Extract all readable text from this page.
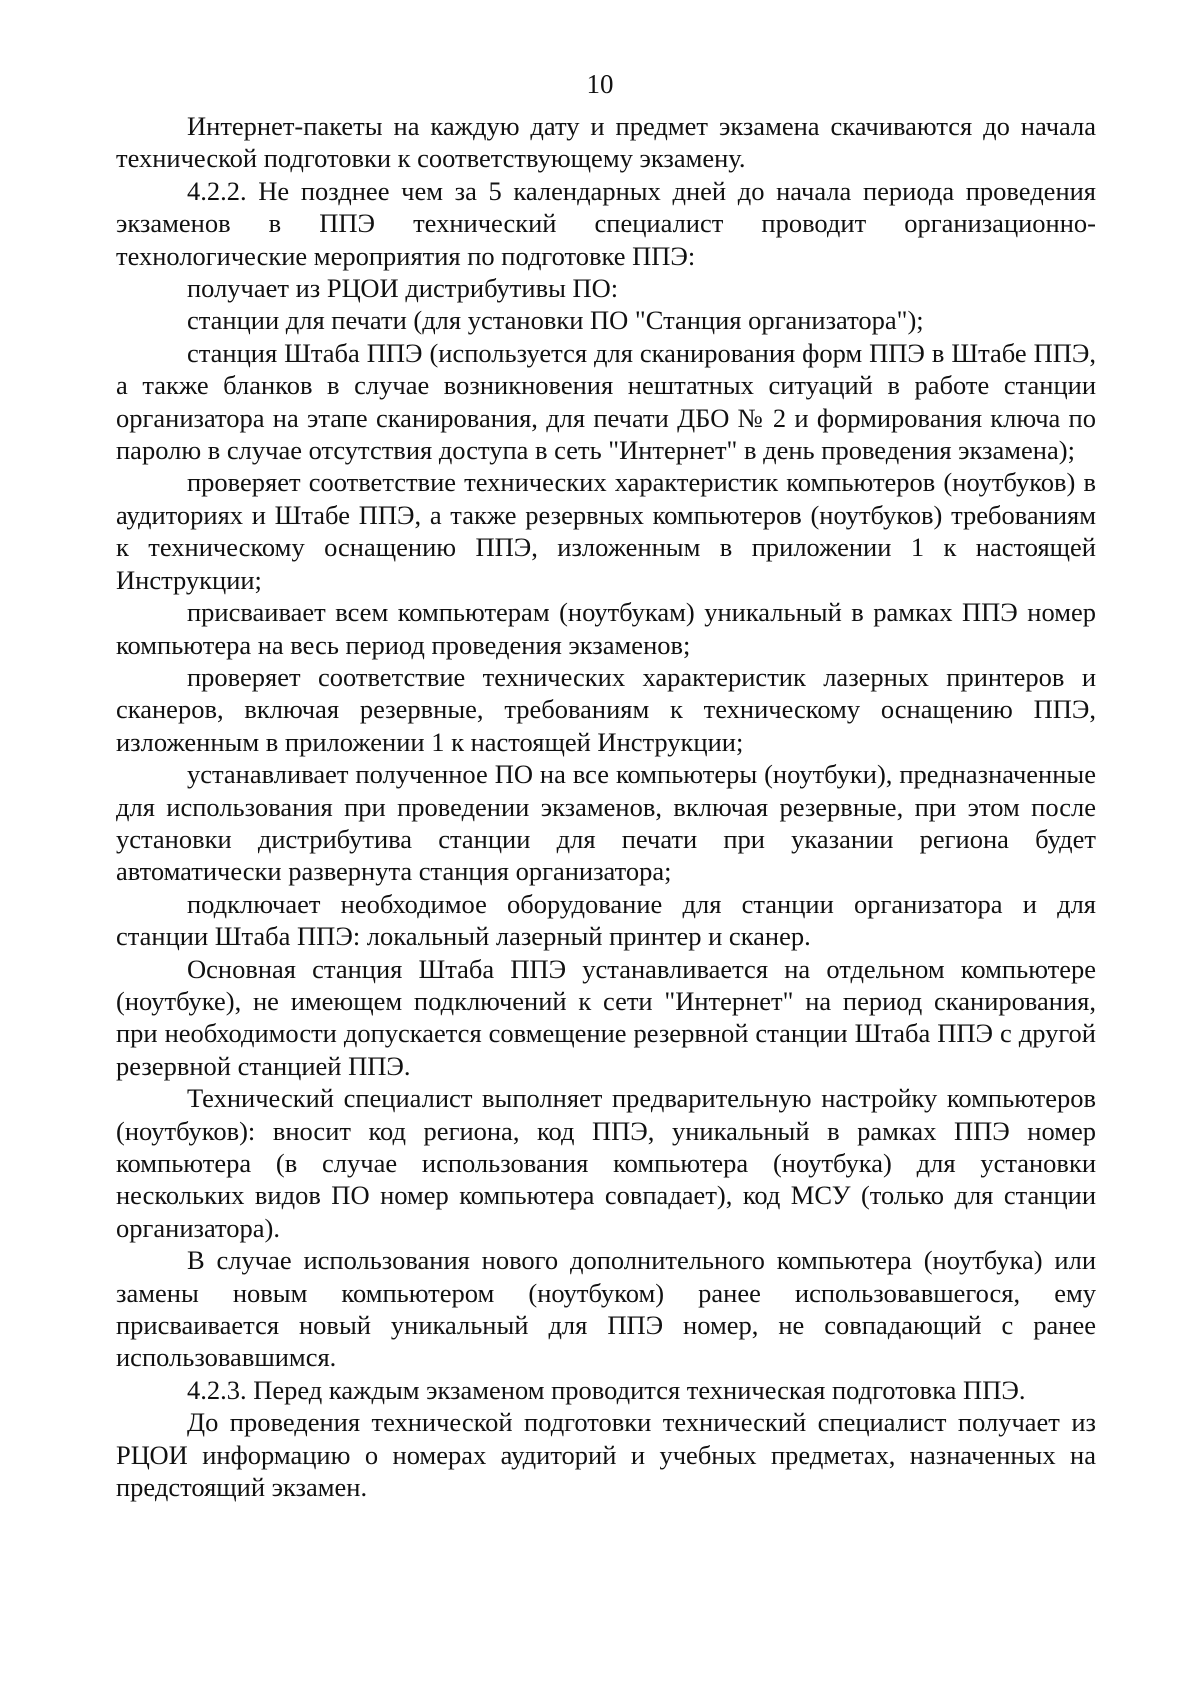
10

Интернет-пакеты на каждую дату и предмет экзамена скачиваются до начала технической подготовки к соответствующему экзамену.

4.2.2. Не позднее чем за 5 календарных дней до начала периода проведения экзаменов в ППЭ технический специалист проводит организационно-технологические мероприятия по подготовке ППЭ:

получает из РЦОИ дистрибутивы ПО:

станции для печати (для установки ПО "Станция организатора");

станция Штаба ППЭ (используется для сканирования форм ППЭ в Штабе ППЭ, а также бланков в случае возникновения нештатных ситуаций в работе станции организатора на этапе сканирования, для печати ДБО № 2 и формирования ключа по паролю в случае отсутствия доступа в сеть "Интернет" в день проведения экзамена);

проверяет соответствие технических характеристик компьютеров (ноутбуков) в аудиториях и Штабе ППЭ, а также резервных компьютеров (ноутбуков) требованиям к техническому оснащению ППЭ, изложенным в приложении 1 к настоящей Инструкции;

присваивает всем компьютерам (ноутбукам) уникальный в рамках ППЭ номер компьютера на весь период проведения экзаменов;

проверяет соответствие технических характеристик лазерных принтеров и сканеров, включая резервные, требованиям к техническому оснащению ППЭ, изложенным в приложении 1 к настоящей Инструкции;

устанавливает полученное ПО на все компьютеры (ноутбуки), предназначенные для использования при проведении экзаменов, включая резервные, при этом после установки дистрибутива станции для печати при указании региона будет автоматически развернута станция организатора;

подключает необходимое оборудование для станции организатора и для станции Штаба ППЭ: локальный лазерный принтер и сканер.

Основная станция Штаба ППЭ устанавливается на отдельном компьютере (ноутбуке), не имеющем подключений к сети "Интернет" на период сканирования, при необходимости допускается совмещение резервной станции Штаба ППЭ с другой резервной станцией ППЭ.

Технический специалист выполняет предварительную настройку компьютеров (ноутбуков): вносит код региона, код ППЭ, уникальный в рамках ППЭ номер компьютера (в случае использования компьютера (ноутбука) для установки нескольких видов ПО номер компьютера совпадает), код МСУ (только для станции организатора).

В случае использования нового дополнительного компьютера (ноутбука) или замены новым компьютером (ноутбуком) ранее использовавшегося, ему присваивается новый уникальный для ППЭ номер, не совпадающий с ранее использовавшимся.

4.2.3. Перед каждым экзаменом проводится техническая подготовка ППЭ.

До проведения технической подготовки технический специалист получает из РЦОИ информацию о номерах аудиторий и учебных предметах, назначенных на предстоящий экзамен.
